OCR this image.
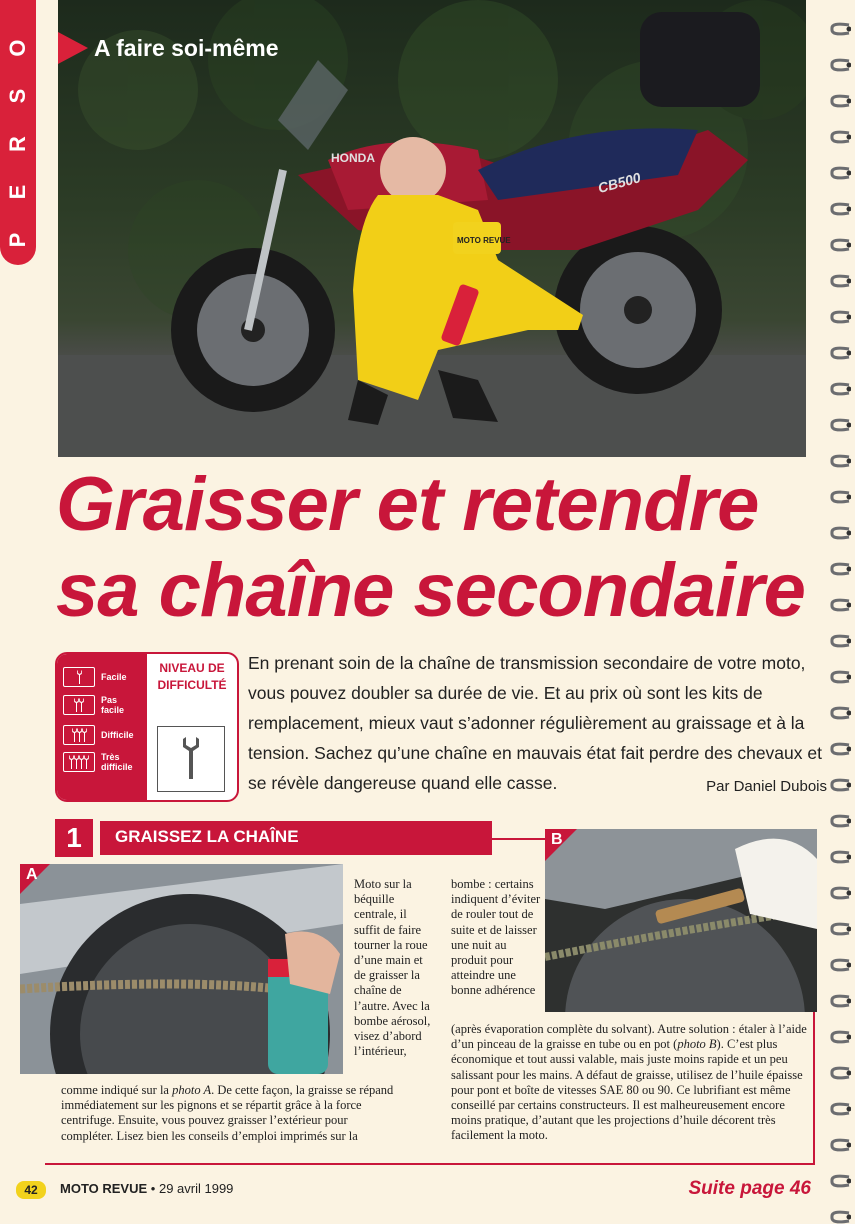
P
E
R
S
O
HONDA
CB500
MOTO REVUE
A faire soi-même
Graisser et retendre
sa chaîne secondaire
NIVEAU DE DIFFICULTÉ
Facile
Pas facile
Difficile
Très difficile
En prenant soin de la chaîne de transmission secondaire de votre moto, vous pouvez doubler sa durée de vie. Et au prix où sont les kits de remplacement, mieux vaut s’adonner régulièrement au graissage et à la tension. Sachez qu’une chaîne en mauvais état fait perdre des chevaux et se révèle dangereuse quand elle casse.	Par Daniel Dubois
1	GRAISSEZ LA CHAÎNE
A
B
Moto sur la béquille centrale, il suffit de faire tourner la roue d’une main et de graisser la chaîne de l’autre. Avec la bombe aérosol, visez d’abord l’intérieur,
bombe : certains indiquent d’éviter de rouler tout de suite et de laisser une nuit au produit pour atteindre une bonne adhérence
comme indiqué sur la photo A. De cette façon, la graisse se répand immédiatement sur les pignons et se répartit grâce à la force centrifuge. Ensuite, vous pouvez graisser l’extérieur pour compléter. Lisez bien les conseils d’emploi imprimés sur la
(après évaporation complète du solvant). Autre solution : étaler à l’aide d’un pinceau de la graisse en tube ou en pot (photo B). C’est plus économique et tout aussi valable, mais juste moins rapide et un peu salissant pour les mains. A défaut de graisse, utilisez de l’huile épaisse pour pont et boîte de vitesses SAE 80 ou 90. Ce lubrifiant est même conseillé par certains constructeurs. Il est malheureusement encore moins pratique, d’autant que les projections d’huile décorent très facilement la moto.
42	MOTO REVUE • 29 avril 1999	Suite page 46
